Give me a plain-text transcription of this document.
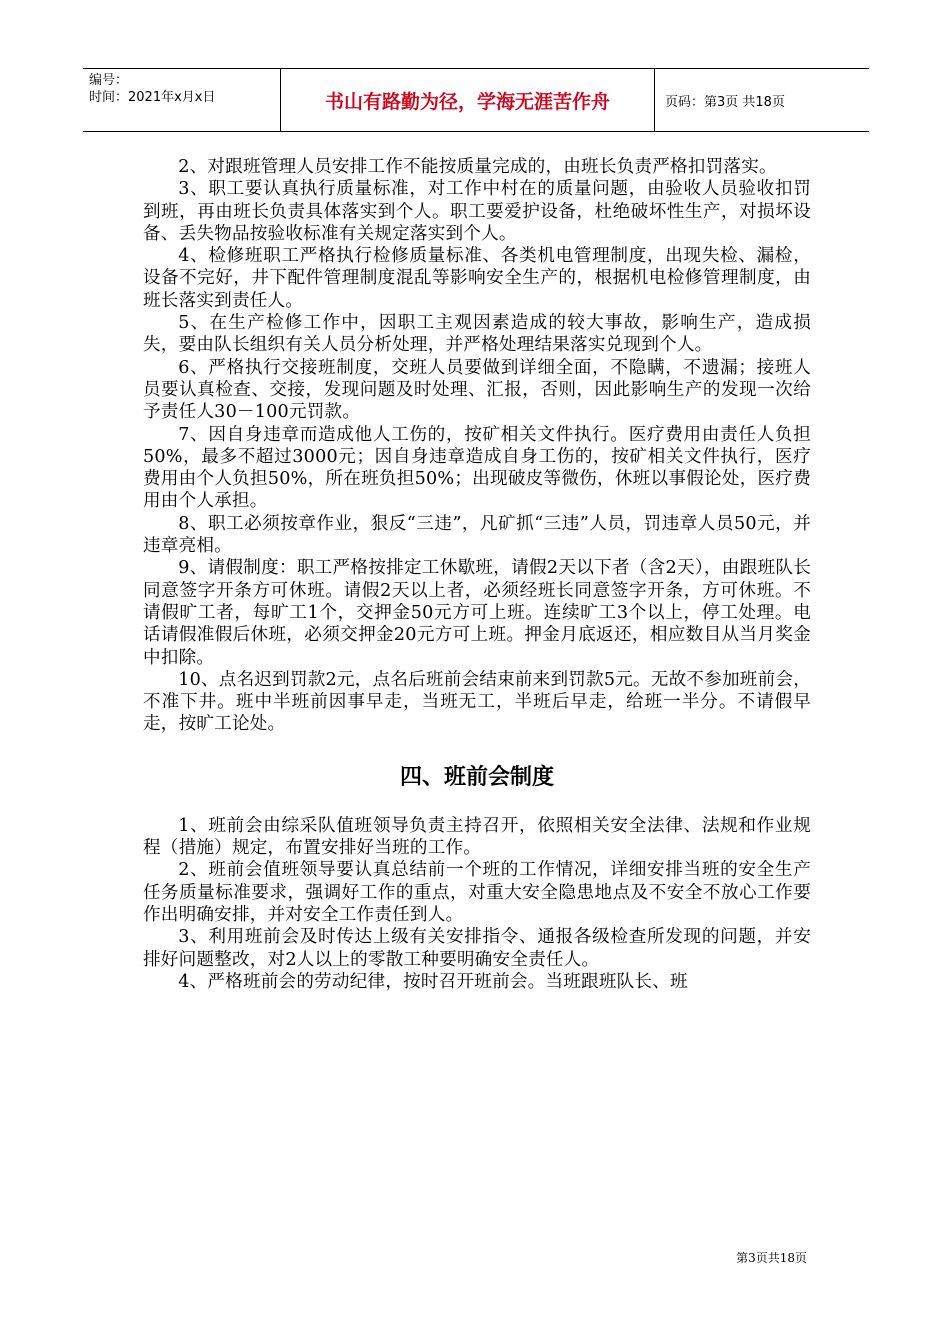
编号：
时间：2021年x月x日	书山有路勤为径，学海无涯苦作舟	页码：第3页 共18页

2、对跟班管理人员安排工作不能按质量完成的，由班长负责严格扣罚落实。

3、职工要认真执行质量标准，对工作中村在的质量问题，由验收人员验收扣罚到班，再由班长负责具体落实到个人。职工要爱护设备，杜绝破坏性生产，对损坏设备、丢失物品按验收标准有关规定落实到个人。

4、检修班职工严格执行检修质量标准、各类机电管理制度，出现失检、漏检，设备不完好，井下配件管理制度混乱等影响安全生产的，根据机电检修管理制度，由班长落实到责任人。

5、在生产检修工作中，因职工主观因素造成的较大事故，影响生产，造成损失，要由队长组织有关人员分析处理，并严格处理结果落实兑现到个人。

6、严格执行交接班制度，交班人员要做到详细全面，不隐瞒，不遗漏；接班人员要认真检查、交接，发现问题及时处理、汇报，否则，因此影响生产的发现一次给予责任人30－100元罚款。

7、因自身违章而造成他人工伤的，按矿相关文件执行。医疗费用由责任人负担50%，最多不超过3000元；因自身违章造成自身工伤的，按矿相关文件执行，医疗费用由个人负担50%，所在班负担50%；出现破皮等微伤，休班以事假论处，医疗费用由个人承担。

8、职工必须按章作业，狠反“三违”，凡矿抓“三违”人员，罚违章人员50元，并违章亮相。

9、请假制度：职工严格按排定工休歇班，请假2天以下者（含2天），由跟班队长同意签字开条方可休班。请假2天以上者，必须经班长同意签字开条，方可休班。不请假旷工者，每旷工1个，交押金50元方可上班。连续旷工3个以上，停工处理。电话请假准假后休班，必须交押金20元方可上班。押金月底返还，相应数目从当月奖金中扣除。

10、点名迟到罚款2元，点名后班前会结束前来到罚款5元。无故不参加班前会，不准下井。班中半班前因事早走，当班无工，半班后早走，给班一半分。不请假早走，按旷工论处。

四、班前会制度

1、班前会由综采队值班领导负责主持召开，依照相关安全法律、法规和作业规程（措施）规定，布置安排好当班的工作。

2、班前会值班领导要认真总结前一个班的工作情况，详细安排当班的安全生产任务质量标准要求，强调好工作的重点，对重大安全隐患地点及不安全不放心工作要作出明确安排，并对安全工作责任到人。

3、利用班前会及时传达上级有关安排指令、通报各级检查所发现的问题，并安排好问题整改，对2人以上的零散工种要明确安全责任人。

4、严格班前会的劳动纪律，按时召开班前会。当班跟班队长、班

第3页共18页
